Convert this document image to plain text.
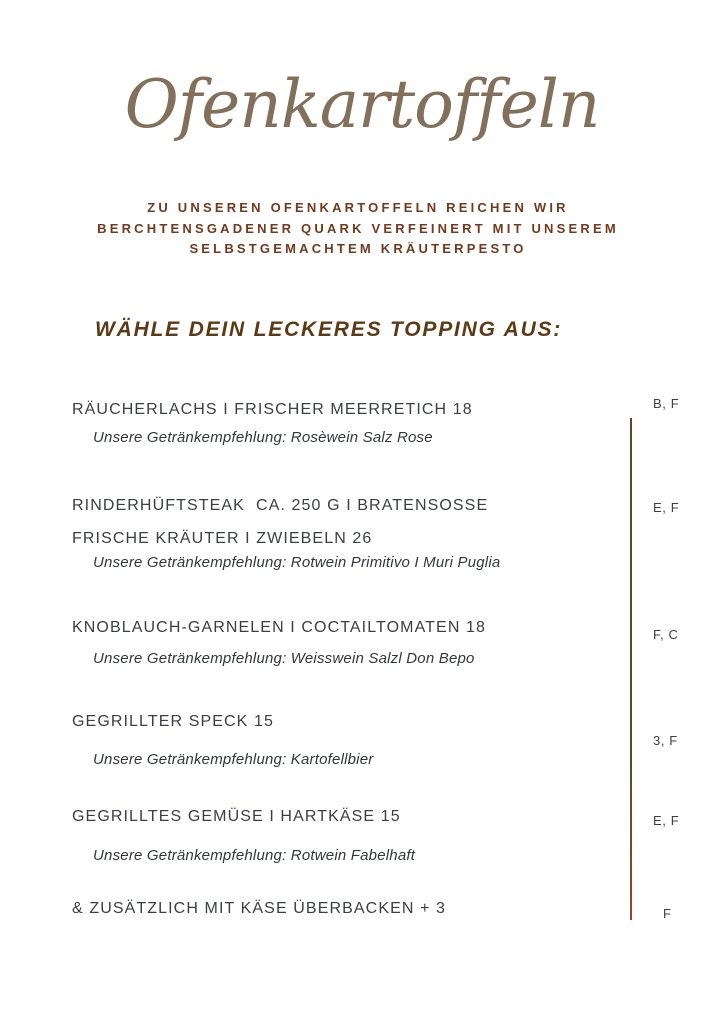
Ofenkartoffeln
ZU UNSEREN OFENKARTOFFELN REICHEN WIR
BERCHTENSGADENER QUARK VERFEINERT MIT UNSEREM
SELBSTGEMACHTEM KRÄUTERPESTO
WÄHLE DEIN LECKERES TOPPING AUS:
RÄUCHERLACHS I FRISCHER MEERRETICH 18
Unsere Getränkempfehlung: Rosèwein Salz Rose
RINDERHÜFTSTEAK  CA. 250 G I BRATENSOSSE
FRISCHE KRÄUTER I ZWIEBELN 26
Unsere Getränkempfehlung: Rotwein Primitivo I Muri Puglia
KNOBLAUCH-GARNELEN I COCTAILTOMATEN 18
Unsere Getränkempfehlung: Weisswein Salzl Don Bepo
GEGRILLTER SPECK 15
Unsere Getränkempfehlung: Kartofellbier
GEGRILLTES GEMÜSE I HARTKÄSE 15
Unsere Getränkempfehlung: Rotwein Fabelhaft
& ZUSÄTZLICH MIT KÄSE ÜBERBACKEN + 3
B, F
E, F
F, C
3, F
E, F
F
